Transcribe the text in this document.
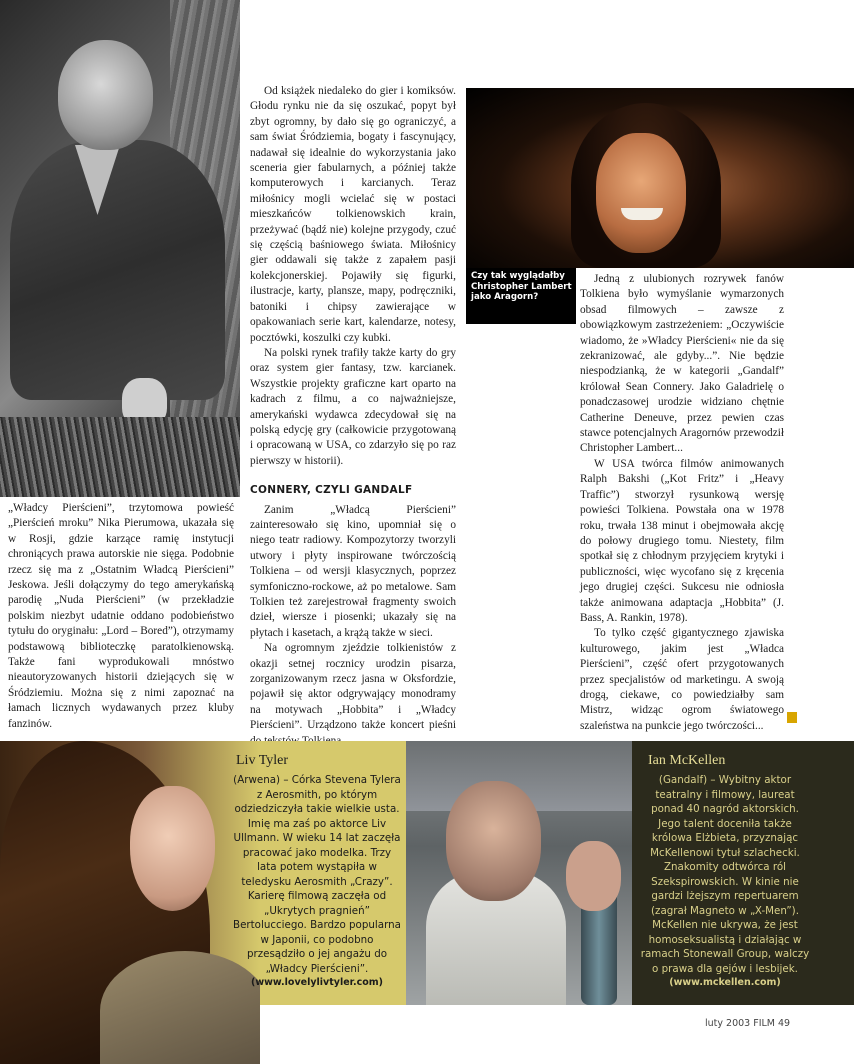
Czy tak wyglądałby Christopher Lambert jako Aragorn?

„Władcy Pierścieni”, trzytomowa powieść „Pierścień mroku” Nika Pierumowa, ukazała się w Rosji, gdzie karzące ramię instytucji chroniących prawa autorskie nie sięga. Podobnie rzecz się ma z „Ostatnim Władcą Pierścieni” Jeskowa. Jeśli dołączymy do tego amerykańską parodię „Nuda Pierścieni” (w przekładzie polskim niezbyt udatnie oddano podobieństwo tytułu do oryginału: „Lord – Bored”), otrzymamy podstawową biblioteczkę paratolkienowską. Także fani wyprodukowali mnóstwo nieautoryzowanych historii dziejących się w Śródziemiu. Można się z nimi zapoznać na łamach licznych wydawanych przez kluby fanzinów.

Od książek niedaleko do gier i komiksów. Głodu rynku nie da się oszukać, popyt był zbyt ogromny, by dało się go ograniczyć, a sam świat Śródziemia, bogaty i fascynujący, nadawał się idealnie do wykorzystania jako sceneria gier fabularnych, a później także komputerowych i karcianych. Teraz miłośnicy mogli wcielać się w postaci mieszkańców tolkienowskich krain, przeżywać (bądź nie) kolejne przygody, czuć się częścią baśniowego świata. Miłośnicy gier oddawali się także z zapałem pasji kolekcjonerskiej. Pojawiły się figurki, ilustracje, karty, plansze, mapy, podręczniki, batoniki i chipsy zawierające w opakowaniach serie kart, kalendarze, notesy, pocztówki, koszulki czy kubki.

Na polski rynek trafiły także karty do gry oraz system gier fantasy, tzw. karcianek. Wszystkie projekty graficzne kart oparto na kadrach z filmu, a co najważniejsze, amerykański wydawca zdecydował się na polską edycję gry (całkowicie przygotowaną i opracowaną w USA, co zdarzyło się po raz pierwszy w historii).

CONNERY, CZYLI GANDALF

Zanim „Władcą Pierścieni” zainteresowało się kino, upomniał się o niego teatr radiowy. Kompozytorzy tworzyli utwory i płyty inspirowane twórczością Tolkiena – od wersji klasycznych, poprzez symfoniczno-rockowe, aż po metalowe. Sam Tolkien też zarejestrował fragmenty swoich dzieł, wiersze i piosenki; ukazały się na płytach i kasetach, a krążą także w sieci.

Na ogromnym zjeździe tolkienistów z okazji setnej rocznicy urodzin pisarza, zorganizowanym rzecz jasna w Oksfordzie, pojawił się aktor odgrywający monodramy na motywach „Hobbita” i „Władcy Pierścieni”. Urządzono także koncert pieśni

Jedną z ulubionych rozrywek fanów Tolkiena było wymyślanie wymarzonych obsad filmowych – zawsze z obowiązkowym zastrzeżeniem: „Oczywiście wiadomo, że »Władcy Pierścieni« nie da się zekranizować, ale gdyby...”. Nie będzie niespodzianką, że w kategorii „Gandalf” królował Sean Connery. Jako Galadrielę o ponadczasowej urodzie widziano chętnie Catherine Deneuve, przez pewien czas stawce potencjalnych Aragornów przewodził Christopher Lambert...

W USA twórca filmów animowanych Ralph Bakshi („Kot Fritz” i „Heavy Traffic”) stworzył rysunkową wersję powieści Tolkiena. Powstała ona w 1978 roku, trwała 138 minut i obejmowała akcję do połowy drugiego tomu. Niestety, film spotkał się z chłodnym przyjęciem krytyki i publiczności, więc wycofano się z kręcenia jego drugiej części. Sukcesu nie odniosła także animowana adaptacja „Hobbita” (J. Bass, A. Rankin, 1978).

To tylko część gigantycznego zjawiska kulturowego, jakim jest „Władca Pierścieni”, część ofert przygotowanych przez specjalistów od marketingu. A swoją drogą, ciekawe, co powiedziałby sam Mistrz, widząc ogrom światowego szaleństwa na punkcie jego twórczości...

Liv Tyler
(Arwena) – Córka Stevena Tylera z Aerosmith, po którym odziedziczyła takie wielkie usta. Imię ma zaś po aktorce Liv Ullmann. W wieku 14 lat zaczęła pracować jako modelka. Trzy lata potem wystąpiła w teledysku Aerosmith „Crazy”. Karierę filmową zaczęła od „Ukrytych pragnień” Bertolucciego. Bardzo popularna w Japonii, co podobno przesądziło o jej angażu do „Władcy Pierścieni”.
(www.lovelylivtyler.com)
Ian McKellen
(Gandalf) – Wybitny aktor teatralny i filmowy, laureat ponad 40 nagród aktorskich. Jego talent doceniła także królowa Elżbieta, przyznając McKellenowi tytuł szlachecki. Znakomity odtwórca ról Szekspirowskich. W kinie nie gardzi lżejszym repertuarem (zagrał Magneto w „X-Men”). McKellen nie ukrywa, że jest homoseksualistą i działając w ramach Stonewall Group, walczy o prawa dla gejów i lesbijek.
(www.mckellen.com)
luty 2003 FILM 49
